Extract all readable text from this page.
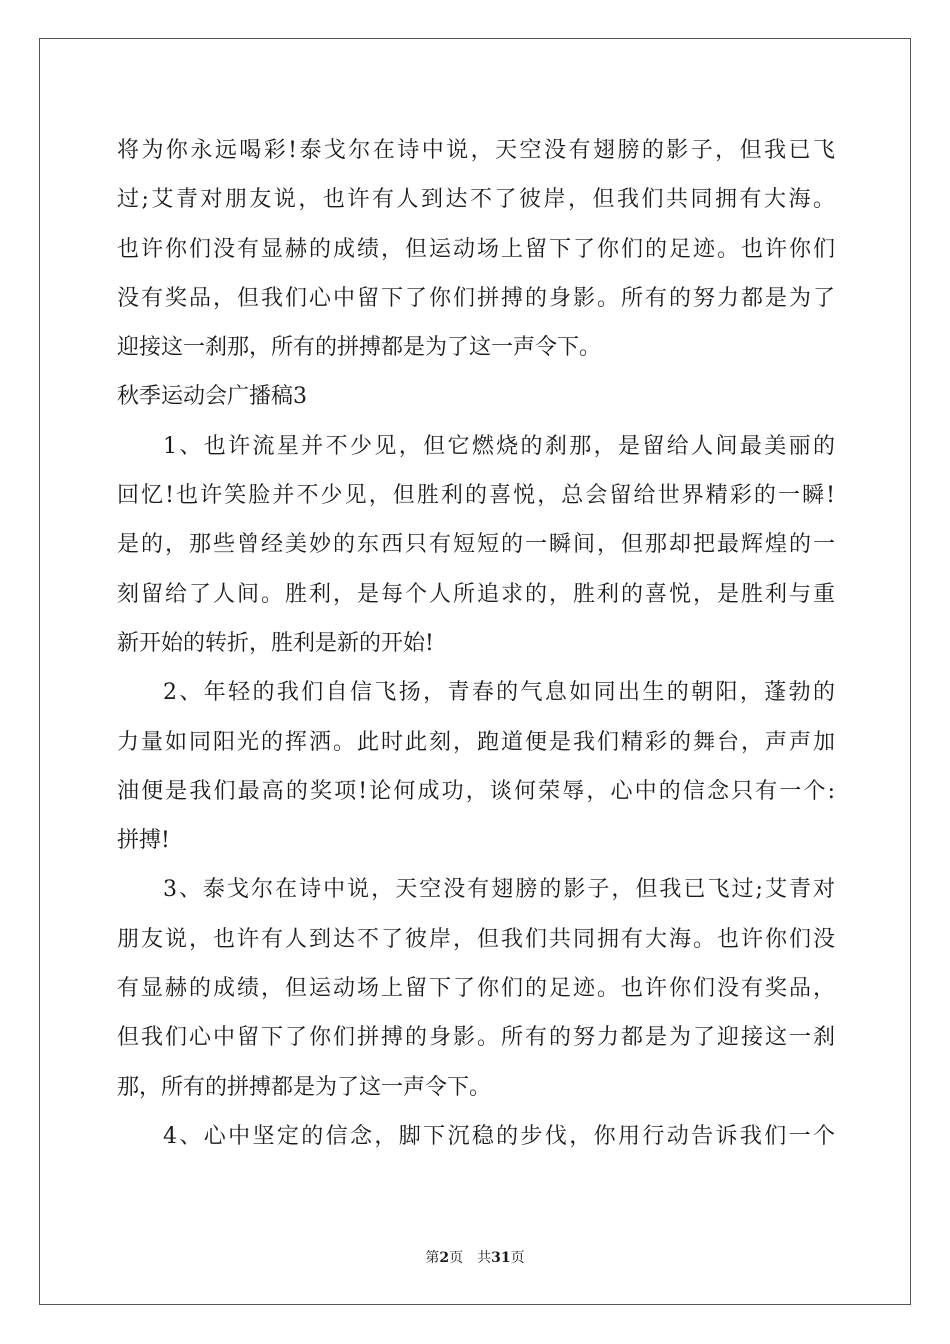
将为你永远喝彩!泰戈尔在诗中说，天空没有翅膀的影子，但我已飞
过;艾青对朋友说，也许有人到达不了彼岸，但我们共同拥有大海。
也许你们没有显赫的成绩，但运动场上留下了你们的足迹。也许你们
没有奖品，但我们心中留下了你们拼搏的身影。所有的努力都是为了
迎接这一刹那，所有的拼搏都是为了这一声令下。
秋季运动会广播稿3
1、也许流星并不少见，但它燃烧的刹那，是留给人间最美丽的
回忆!也许笑脸并不少见，但胜利的喜悦，总会留给世界精彩的一瞬!
是的，那些曾经美妙的东西只有短短的一瞬间，但那却把最辉煌的一
刻留给了人间。胜利，是每个人所追求的，胜利的喜悦，是胜利与重
新开始的转折，胜利是新的开始!
2、年轻的我们自信飞扬，青春的气息如同出生的朝阳，蓬勃的
力量如同阳光的挥洒。此时此刻，跑道便是我们精彩的舞台，声声加
油便是我们最高的奖项!论何成功，谈何荣辱，心中的信念只有一个:
拼搏!
3、泰戈尔在诗中说，天空没有翅膀的影子，但我已飞过;艾青对
朋友说，也许有人到达不了彼岸，但我们共同拥有大海。也许你们没
有显赫的成绩，但运动场上留下了你们的足迹。也许你们没有奖品，
但我们心中留下了你们拼搏的身影。所有的努力都是为了迎接这一刹
那，所有的拼搏都是为了这一声令下。
4、心中坚定的信念，脚下沉稳的步伐，你用行动告诉我们一个
第2页 共31页
